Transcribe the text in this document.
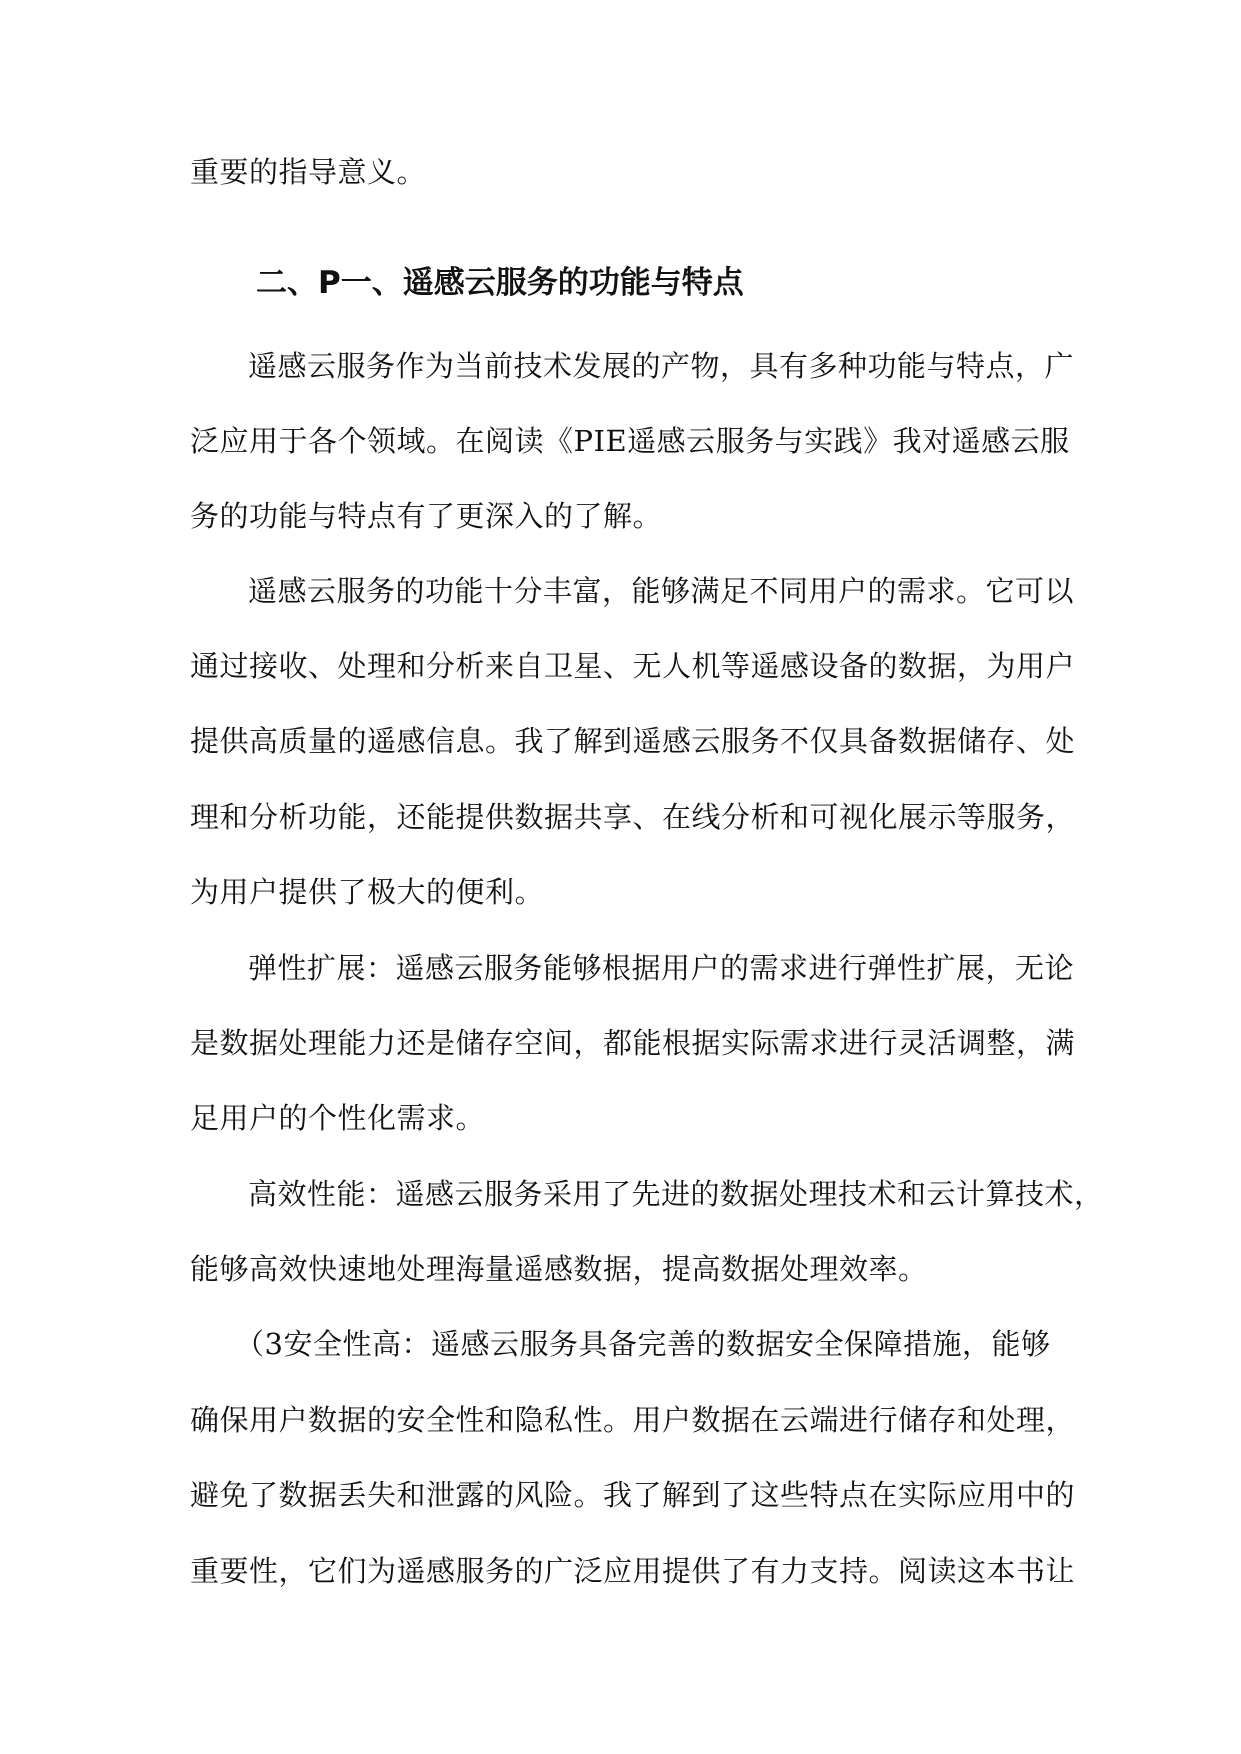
重要的指导意义。
二、P一、遥感云服务的功能与特点
遥感云服务作为当前技术发展的产物，具有多种功能与特点，广
泛应用于各个领域。在阅读《PIE遥感云服务与实践》我对遥感云服
务的功能与特点有了更深入的了解。
遥感云服务的功能十分丰富，能够满足不同用户的需求。它可以
通过接收、处理和分析来自卫星、无人机等遥感设备的数据，为用户
提供高质量的遥感信息。我了解到遥感云服务不仅具备数据储存、处
理和分析功能，还能提供数据共享、在线分析和可视化展示等服务，
为用户提供了极大的便利。
弹性扩展：遥感云服务能够根据用户的需求进行弹性扩展，无论
是数据处理能力还是储存空间，都能根据实际需求进行灵活调整，满
足用户的个性化需求。
高效性能：遥感云服务采用了先进的数据处理技术和云计算技术，
能够高效快速地处理海量遥感数据，提高数据处理效率。
（3安全性高：遥感云服务具备完善的数据安全保障措施，能够
确保用户数据的安全性和隐私性。用户数据在云端进行储存和处理，
避免了数据丢失和泄露的风险。我了解到了这些特点在实际应用中的
重要性，它们为遥感服务的广泛应用提供了有力支持。阅读这本书让
